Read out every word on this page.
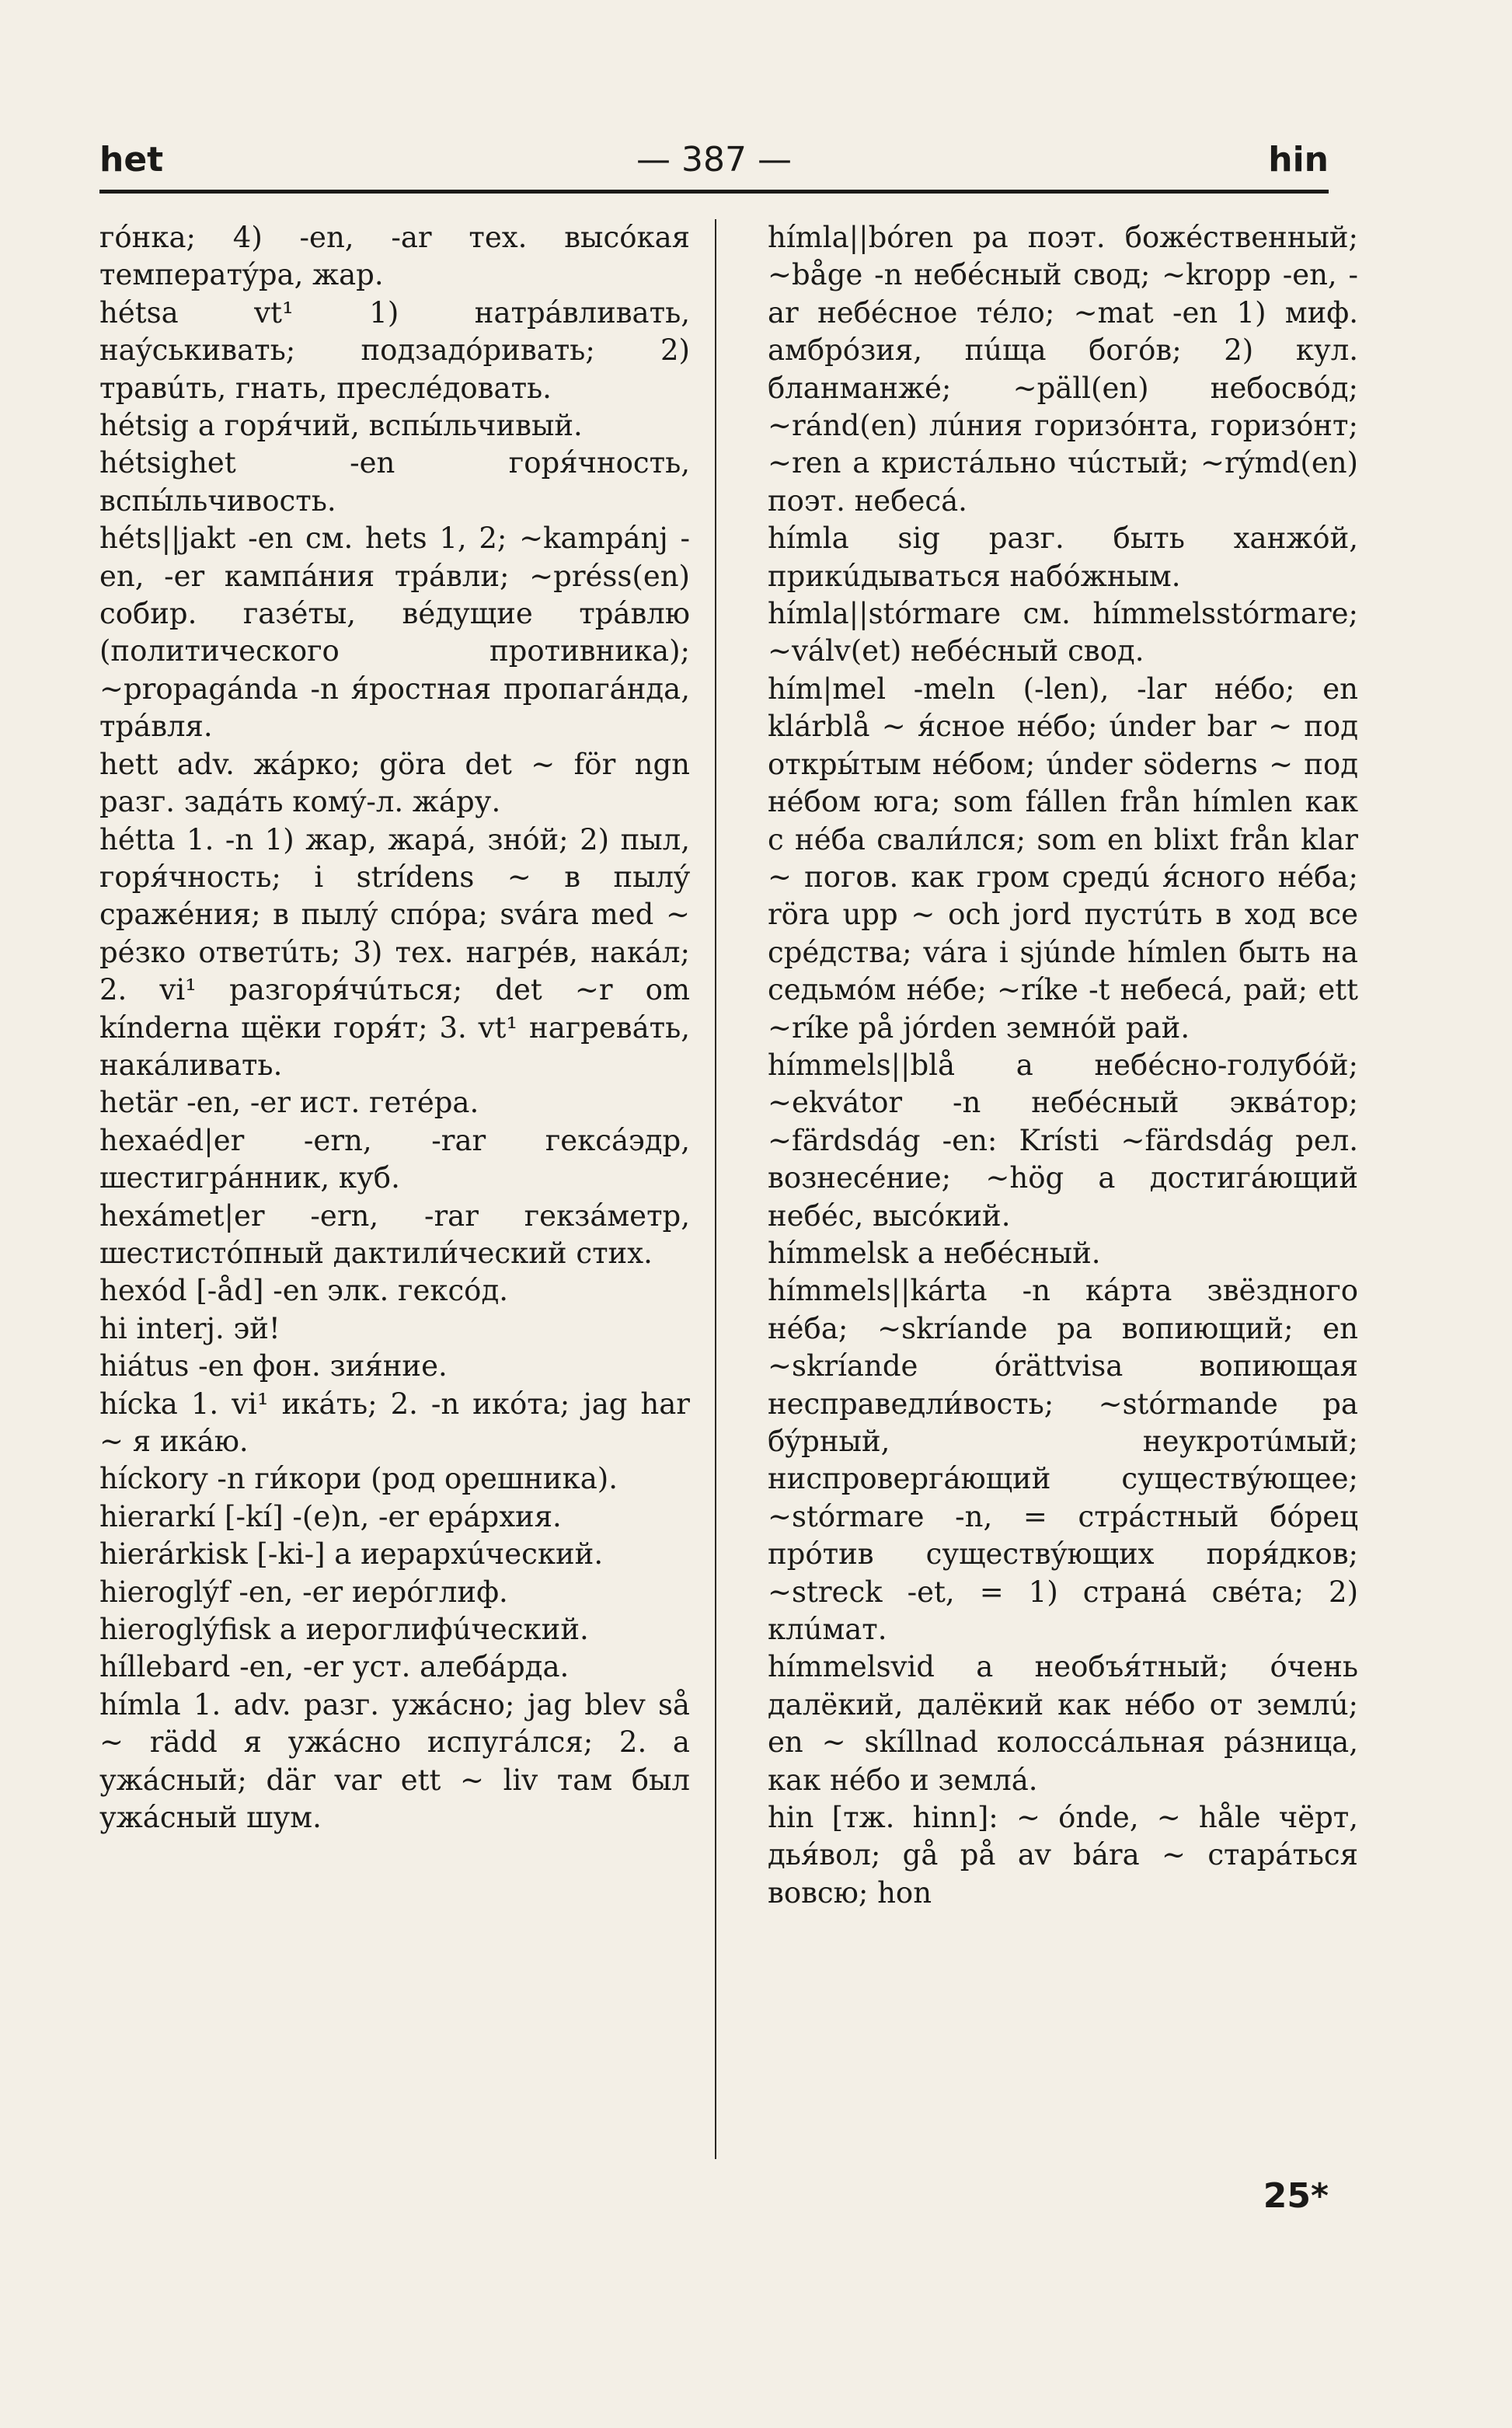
het	— 387 —	hin

гóнка; 4) -en, -ar тех. высóкая температýра, жар.

hétsa vt¹ 1) натрáвливать, наýськивать; подзадóривать; 2) травúть, гнать, преслéдовать.

hétsig a горя́чий, вспы́льчивый.

hétsighet -en горя́чность, вспы́льчивость.

héts||jakt -en см. hets 1, 2; ~kampánj -en, -er кампáния трáвли; ~préss(en) собир. газéты, вéдущие трáвлю (политического противника); ~propagánda -n я́ростная пропагáнда, трáвля.

hett adv. жáрко; göra det ~ för ngn разг. задáть комý-л. жáру.

hétta 1. -n 1) жар, жарá, знóй; 2) пыл, горя́чность; i strídens ~ в пылý сражéния; в пылý спóра; svára med ~ рéзко ответúть; 3) тех. нагрéв, накáл; 2. vi¹ разгоря́чúться; det ~r om kínderna щёки горя́т; 3. vt¹ нагревáть, накáливать.

hetär -en, -er ист. гетéра.

hexaéd|er -ern, -rar гексáэдр, шестигрáнник, куб.

hexámet|er -ern, -rar гекзáметр, шестистóпный дактили́ческий стих.

hexód [-åd] -en элк. гексóд.

hi interj. эй!

hiátus -en фон. зия́ние.

hícka 1. vi¹ икáть; 2. -n икóта; jag har ~ я икáю.

híckory -n ги́кори (род орешника).

hierarkí [-kí] -(e)n, -er ерáрхия.

hierárkisk [-ki-] a иерархúческий.

hieroglýf -en, -er иерóглиф.

hieroglýfisk a иероглифúческий.

híllebard -en, -er уст. алебáрда.

hímla 1. adv. разг. ужáсно; jag blev så ~ rädd я ужáсно испугáлся; 2. a ужáсный; där var ett ~ liv там был ужáсный шум.

hímla||bóren pa поэт. божéственный; ~båge -n небéсный свод; ~kropp -en, -ar небéсное тéло; ~mat -en 1) миф. амбрóзия, пúща богóв; 2) кул. бланманжé; ~päll(en) небосвóд; ~ránd(en) лúния горизóнта, горизóнт; ~ren a кристáльно чúстый; ~rýmd(en) поэт. небесá.

hímla sig разг. быть ханжóй, прикúдываться набóжным.

hímla||stórmare см. hímmelsstórmare; ~válv(et) небéсный свод.

hím|mel -meln (-len), -lar нéбо; en klárblå ~ я́сное нéбо; únder bar ~ под откры́тым нéбом; únder söderns ~ под нéбом юга; som fállen från hímlen как с нéба свали́лся; som en blixt från klar ~ погов. как гром средú я́сного нéба; röra upp ~ och jord пустúть в ход все срéдства; vára i sjúnde hímlen быть на седьмóм нéбе; ~ríke -t небесá, рай; ett ~ríke på jórden земнóй рай.

hímmels||blå a небéсно-голубóй; ~ekvátor -n небéсный эквáтор; ~färdsdág -en: Krísti ~färdsdág рел. вознесéние; ~hög a достигáющий небéс, высóкий.

hímmelsk a небéсный.

hímmels||kárta -n кáрта звёздного нéба; ~skríande pa вопиющий; en ~skríande órättvisa вопиющая несправедли́вость; ~stórmande pa бýрный, неукротúмый; ниспровергáющий существýющее; ~stórmare -n, = стрáстный бóрец прóтив существýющих поря́дков; ~streck -et, = 1) странá свéта; 2) клúмат.

hímmelsvid a необъя́тный; óчень далёкий, далёкий как нéбо от землú; en ~ skíllnad колоссáльная рáзница, как нéбо и землá.

hin [тж. hinn]: ~ ónde, ~ håle чёрт, дья́вол; gå på av bára ~ старáться вовсю; hon

25*
